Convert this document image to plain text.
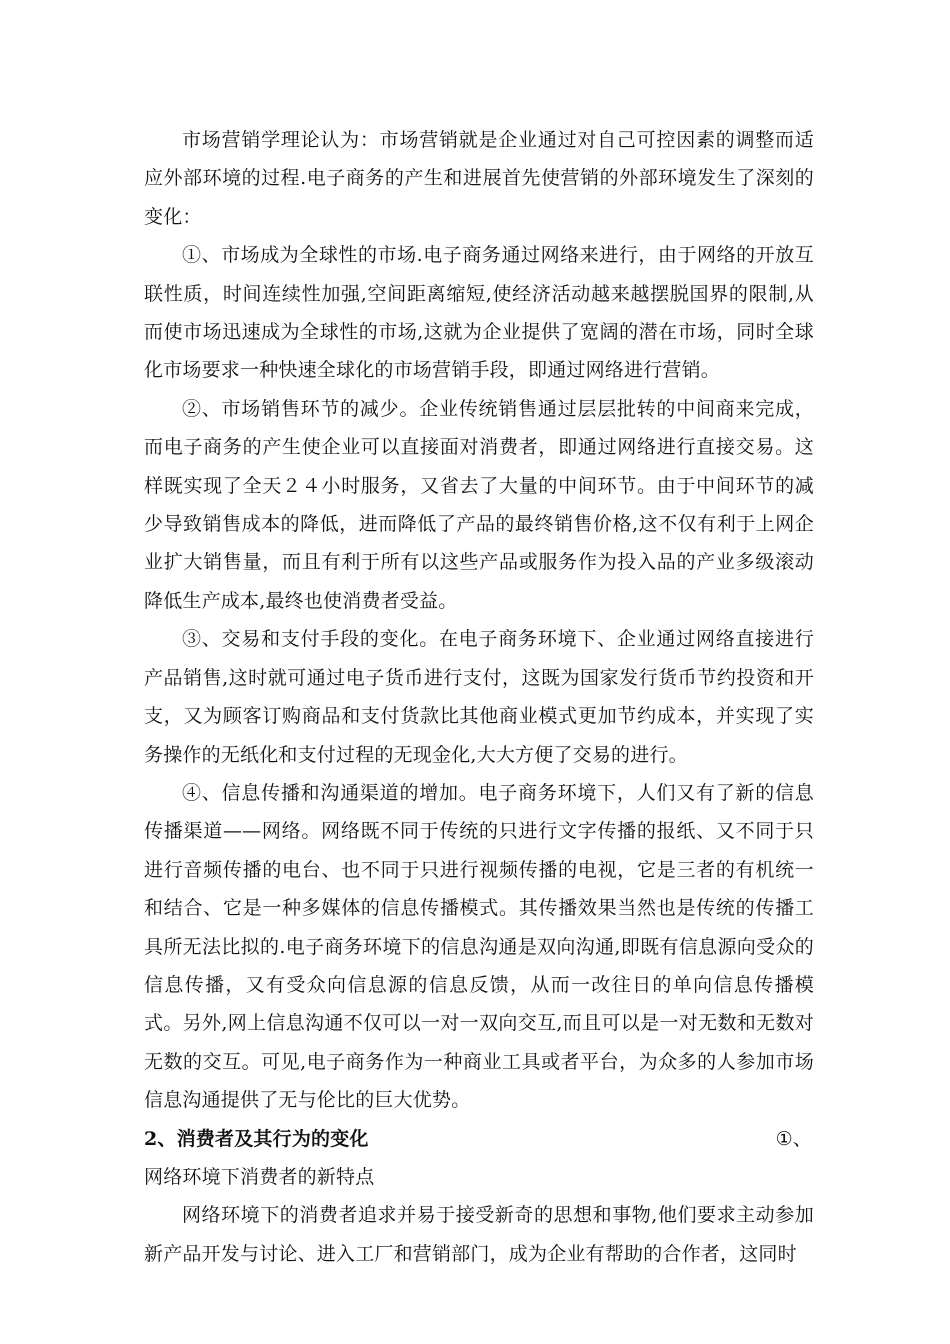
市场营销学理论认为：市场营销就是企业通过对自己可控因素的调整而适应外部环境的过程.电子商务的产生和进展首先使营销的外部环境发生了深刻的变化：

①、市场成为全球性的市场.电子商务通过网络来进行，由于网络的开放互联性质，时间连续性加强,空间距离缩短,使经济活动越来越摆脱国界的限制,从而使市场迅速成为全球性的市场,这就为企业提供了宽阔的潜在市场，同时全球化市场要求一种快速全球化的市场营销手段，即通过网络进行营销。

②、市场销售环节的减少。企业传统销售通过层层批转的中间商来完成，而电子商务的产生使企业可以直接面对消费者，即通过网络进行直接交易。这样既实现了全天２４小时服务，又省去了大量的中间环节。由于中间环节的减少导致销售成本的降低，进而降低了产品的最终销售价格,这不仅有利于上网企业扩大销售量，而且有利于所有以这些产品或服务作为投入品的产业多级滚动降低生产成本,最终也使消费者受益。

③、交易和支付手段的变化。在电子商务环境下、企业通过网络直接进行产品销售,这时就可通过电子货币进行支付，这既为国家发行货币节约投资和开支，又为顾客订购商品和支付货款比其他商业模式更加节约成本，并实现了实务操作的无纸化和支付过程的无现金化,大大方便了交易的进行。

④、信息传播和沟通渠道的增加。电子商务环境下，人们又有了新的信息传播渠道——网络。网络既不同于传统的只进行文字传播的报纸、又不同于只进行音频传播的电台、也不同于只进行视频传播的电视，它是三者的有机统一和结合、它是一种多媒体的信息传播模式。其传播效果当然也是传统的传播工具所无法比拟的.电子商务环境下的信息沟通是双向沟通,即既有信息源向受众的信息传播，又有受众向信息源的信息反馈，从而一改往日的单向信息传播模式。另外,网上信息沟通不仅可以一对一双向交互,而且可以是一对无数和无数对无数的交互。可见,电子商务作为一种商业工具或者平台，为众多的人参加市场信息沟通提供了无与伦比的巨大优势。

2、消费者及其行为的变化	①、

网络环境下消费者的新特点

网络环境下的消费者追求并易于接受新奇的思想和事物,他们要求主动参加新产品开发与讨论、进入工厂和营销部门，成为企业有帮助的合作者，这同时
